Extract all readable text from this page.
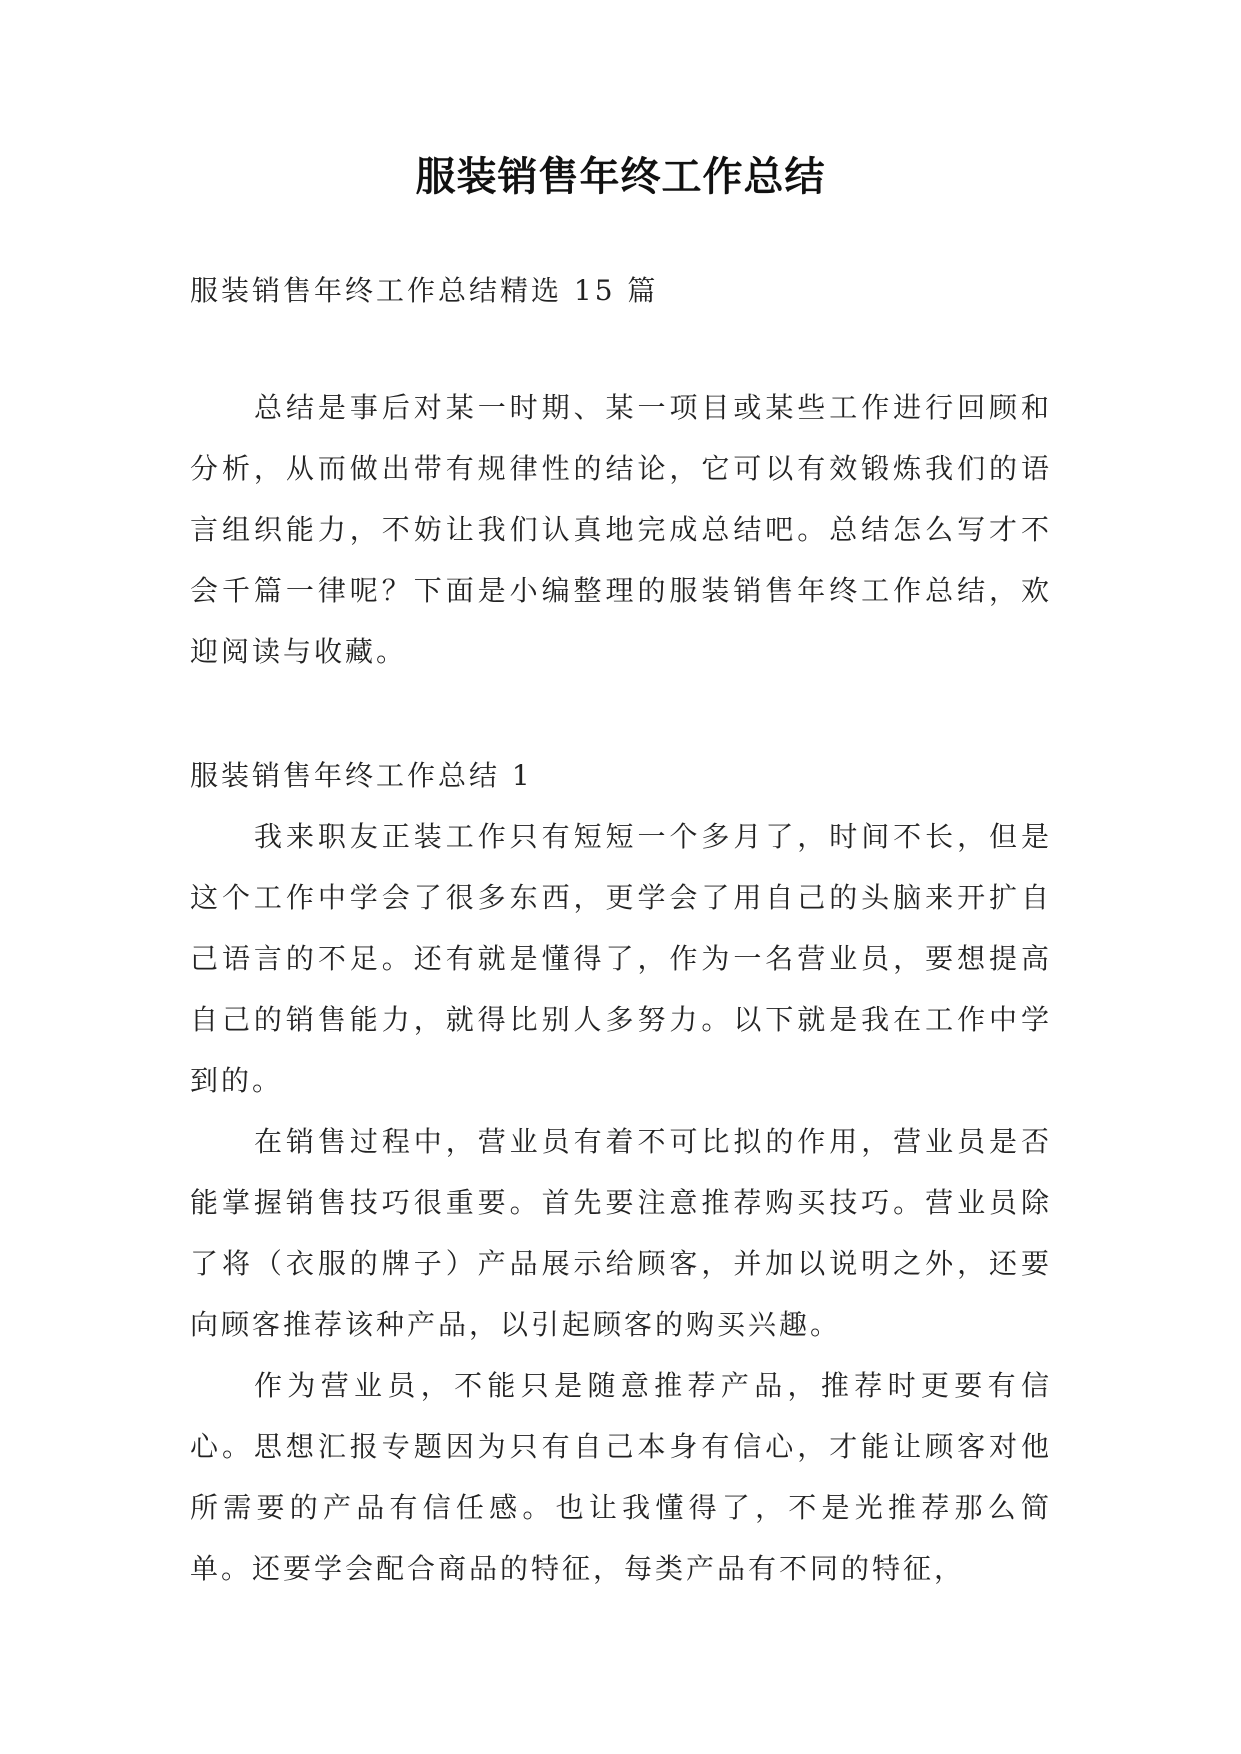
服装销售年终工作总结

服装销售年终工作总结精选 15 篇

总结是事后对某一时期、某一项目或某些工作进行回顾和分析，从而做出带有规律性的结论，它可以有效锻炼我们的语言组织能力，不妨让我们认真地完成总结吧。总结怎么写才不会千篇一律呢？下面是小编整理的服装销售年终工作总结，欢迎阅读与收藏。

服装销售年终工作总结 1

我来职友正装工作只有短短一个多月了，时间不长，但是这个工作中学会了很多东西，更学会了用自己的头脑来开扩自己语言的不足。还有就是懂得了，作为一名营业员，要想提高自己的销售能力，就得比别人多努力。以下就是我在工作中学到的。

在销售过程中，营业员有着不可比拟的作用，营业员是否能掌握销售技巧很重要。首先要注意推荐购买技巧。营业员除了将（衣服的牌子）产品展示给顾客，并加以说明之外，还要向顾客推荐该种产品，以引起顾客的购买兴趣。

作为营业员，不能只是随意推荐产品，推荐时更要有信心。思想汇报专题因为只有自己本身有信心，才能让顾客对他所需要的产品有信任感。也让我懂得了，不是光推荐那么简单。还要学会配合商品的特征，每类产品有不同的特征，
